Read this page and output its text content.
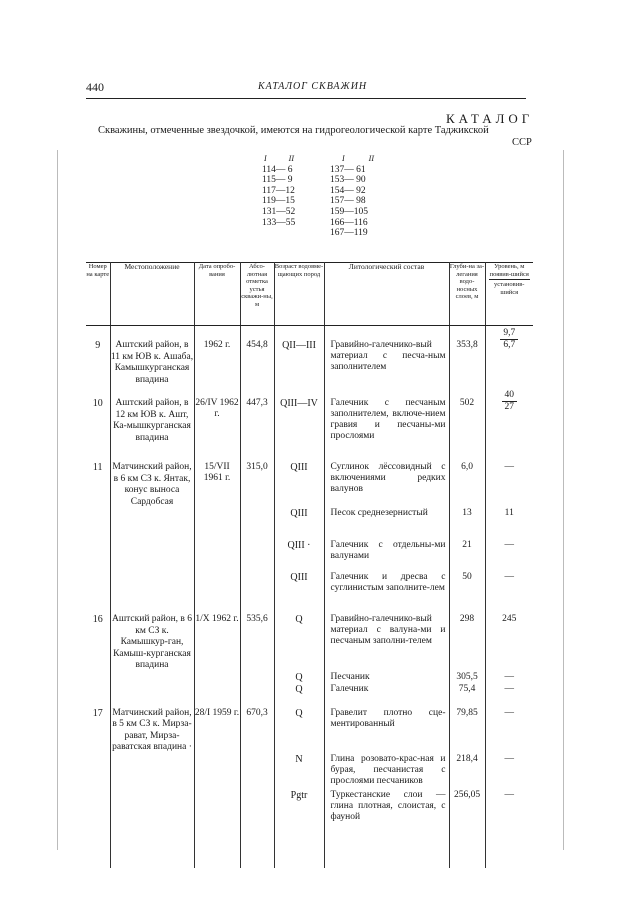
440	КАТАЛОГ СКВАЖИН
КАТАЛОГ
Скважины, отмеченные звездочкой, имеются на гидрогеологической карте Таджикской
ССР
I	II
114— 6
115— 9
117—12
119—15
131—52
133—55
I	II
137— 61
153— 90
154— 92
157— 98
159—105
166—116
167—119
Номер на карте	Местоположение	Дата опробо-вания	Абсо-лютная отметка устья скважи-ны, м	Возраст водовме-щающих пород	Литологический состав	Глуби-на за-легания водо-носных слоев, м	Уровень, м появив-шийся
установив-шийся

9	Аштский район, в 11 км ЮВ к. Ашаба, Камышкурганская впадина	1962 г.	454,8	QII—III	Гравийно-галечнико-вый материал с песча-ным заполнителем	353,8	$\frac{9,7}{6,7}$

10	Аштский район, в 12 км ЮВ к. Ашт, Ка-мышкурганская впадина	26/IV 1962 г.	447,3	QIII—IV	Галечник с песчаным заполнителем, включе-нием гравия и песчаны-ми прослоями	502	$\frac{40}{27}$

11	Матчинский район, в 6 км СЗ к. Янтак, конус выноса Сардобсая	15/VII 1961 г.	315,0	QIII	Суглинок лёссовидный с включениями редких валунов	6,0	—
				QIII	Песок среднезернистый	13	11
				QIII ·	Галечник с отдельны-ми валунами	21	—
				QIII	Галечник и дресва с суглинистым заполните-лем	50	—
16	Аштский район, в 6 км СЗ к. Камышкур-ган, Камыш-курганская впадина	1/X 1962 г.	535,6	Q	Гравийно-галечнико-вый материал с валуна-ми и песчаным заполни-телем	298	245
				Q	Песчаник	305,5	—
				Q	Галечник	75,4	—
17	Матчинский район, в 5 км СЗ к. Мирза-рават, Мирза-раватская впадина ·	28/I 1959 г.	670,3	Q	Гравелит плотно сце-ментированный	79,85	—
				N	Глина розовато-крас-ная и бурая, песчанистая с прослоями песчаников	218,4	—
				Pgtr	Туркестанские слои — глина плотная, слоистая, с фауной	256,05	—
